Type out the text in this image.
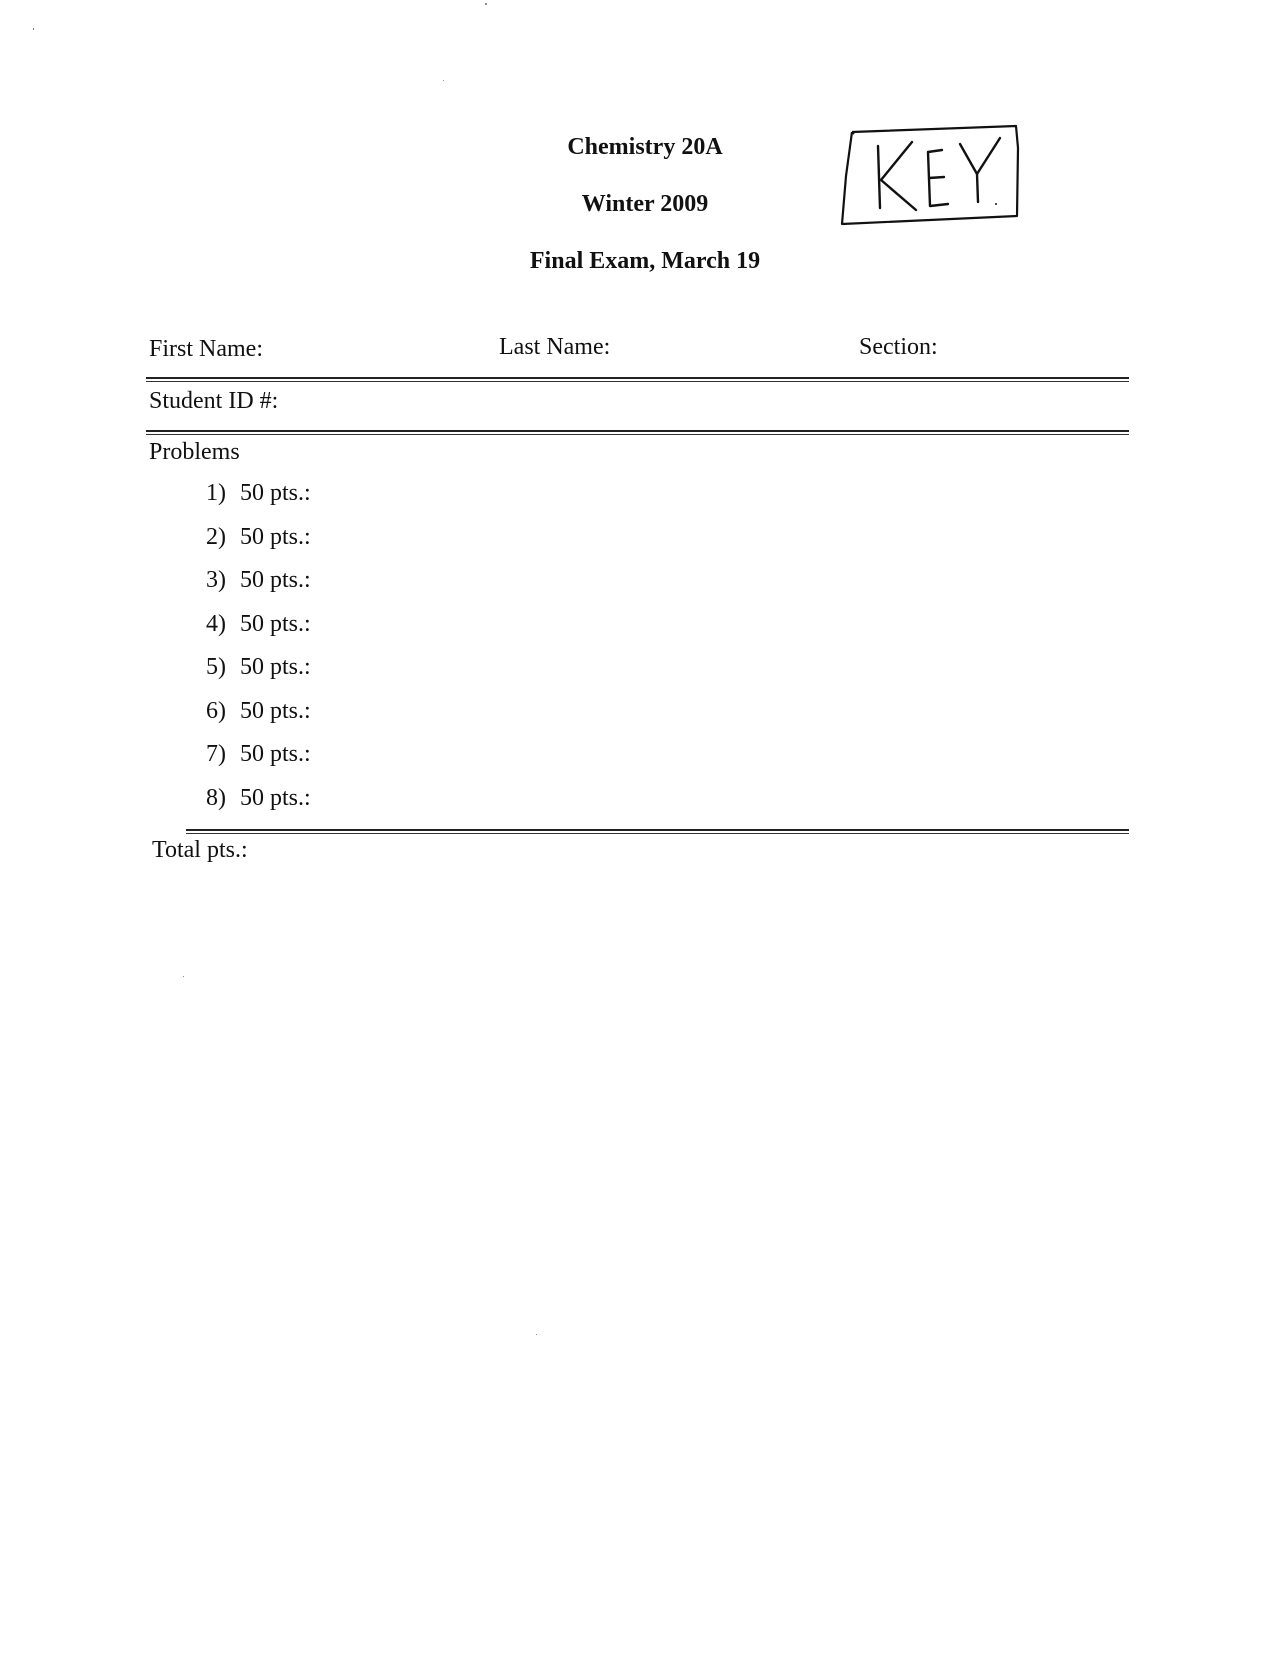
Chemistry 20A
Winter 2009
Final Exam, March 19
First Name:	Last Name:	Section:
Student ID #:
Problems
1) 50 pts.:
2) 50 pts.:
3) 50 pts.:
4) 50 pts.:
5) 50 pts.:
6) 50 pts.:
7) 50 pts.:
8) 50 pts.:
Total pts.:
